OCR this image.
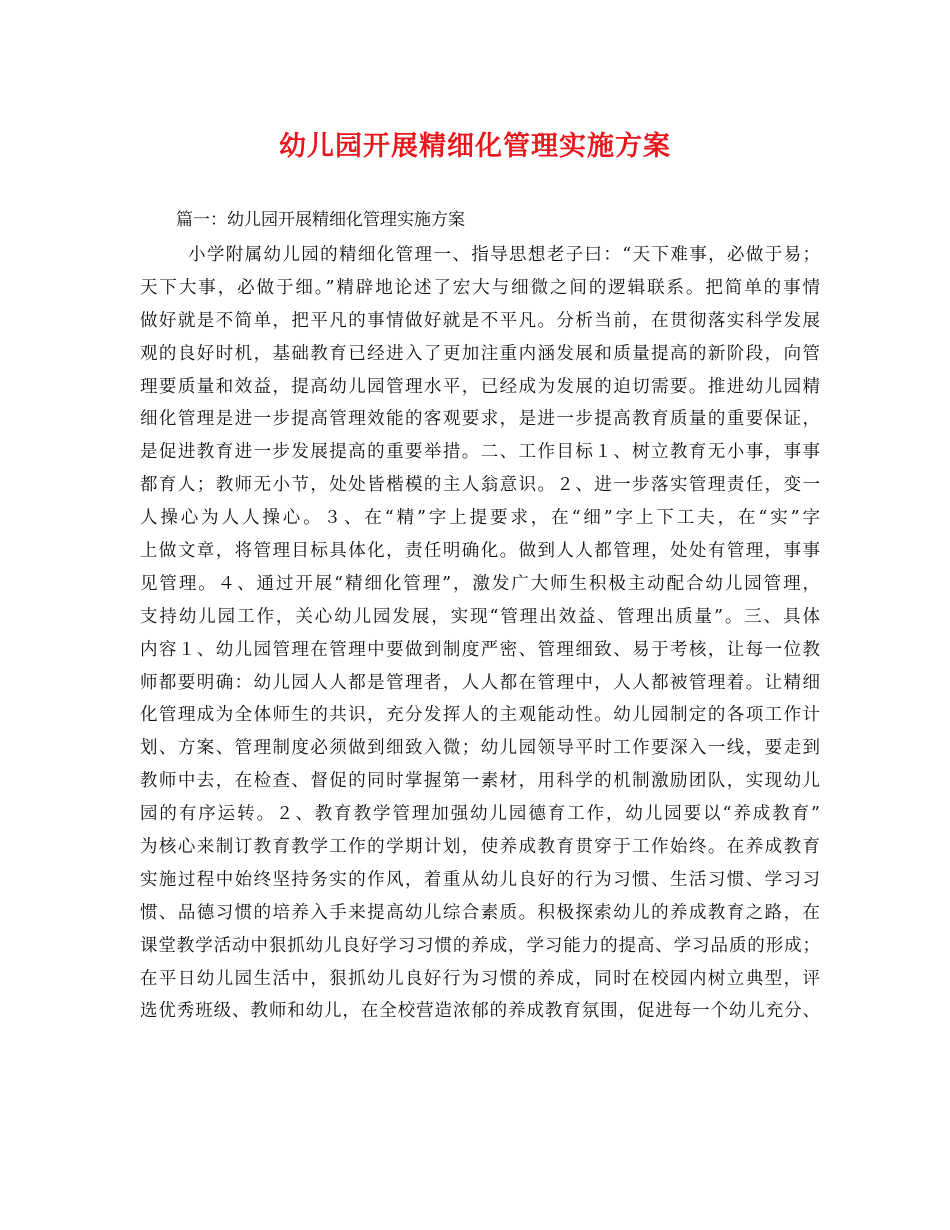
幼儿园开展精细化管理实施方案

篇一：幼儿园开展精细化管理实施方案

小学附属幼儿园的精细化管理一、指导思想老子曰：“天下难事，必做于易；
天下大事，必做于细。”精辟地论述了宏大与细微之间的逻辑联系。把简单的事情
做好就是不简单，把平凡的事情做好就是不平凡。分析当前，在贯彻落实科学发展
观的良好时机，基础教育已经进入了更加注重内涵发展和质量提高的新阶段，向管
理要质量和效益，提高幼儿园管理水平，已经成为发展的迫切需要。推进幼儿园精
细化管理是进一步提高管理效能的客观要求，是进一步提高教育质量的重要保证，
是促进教育进一步发展提高的重要举措。二、工作目标１、树立教育无小事，事事
都育人；教师无小节，处处皆楷模的主人翁意识。２、进一步落实管理责任，变一
人操心为人人操心。３、在“精”字上提要求，在“细”字上下工夫，在“实”字
上做文章，将管理目标具体化，责任明确化。做到人人都管理，处处有管理，事事
见管理。４、通过开展“精细化管理”，激发广大师生积极主动配合幼儿园管理，
支持幼儿园工作，关心幼儿园发展，实现“管理出效益、管理出质量”。三、具体
内容１、幼儿园管理在管理中要做到制度严密、管理细致、易于考核，让每一位教
师都要明确：幼儿园人人都是管理者，人人都在管理中，人人都被管理着。让精细
化管理成为全体师生的共识，充分发挥人的主观能动性。幼儿园制定的各项工作计
划、方案、管理制度必须做到细致入微；幼儿园领导平时工作要深入一线，要走到
教师中去，在检查、督促的同时掌握第一素材，用科学的机制激励团队，实现幼儿
园的有序运转。２、教育教学管理加强幼儿园德育工作，幼儿园要以“养成教育”
为核心来制订教育教学工作的学期计划，使养成教育贯穿于工作始终。在养成教育
实施过程中始终坚持务实的作风，着重从幼儿良好的行为习惯、生活习惯、学习习
惯、品德习惯的培养入手来提高幼儿综合素质。积极探索幼儿的养成教育之路，在
课堂教学活动中狠抓幼儿良好学习习惯的养成，学习能力的提高、学习品质的形成；
在平日幼儿园生活中，狠抓幼儿良好行为习惯的养成，同时在校园内树立典型，评
选优秀班级、教师和幼儿，在全校营造浓郁的养成教育氛围，促进每一个幼儿充分、
